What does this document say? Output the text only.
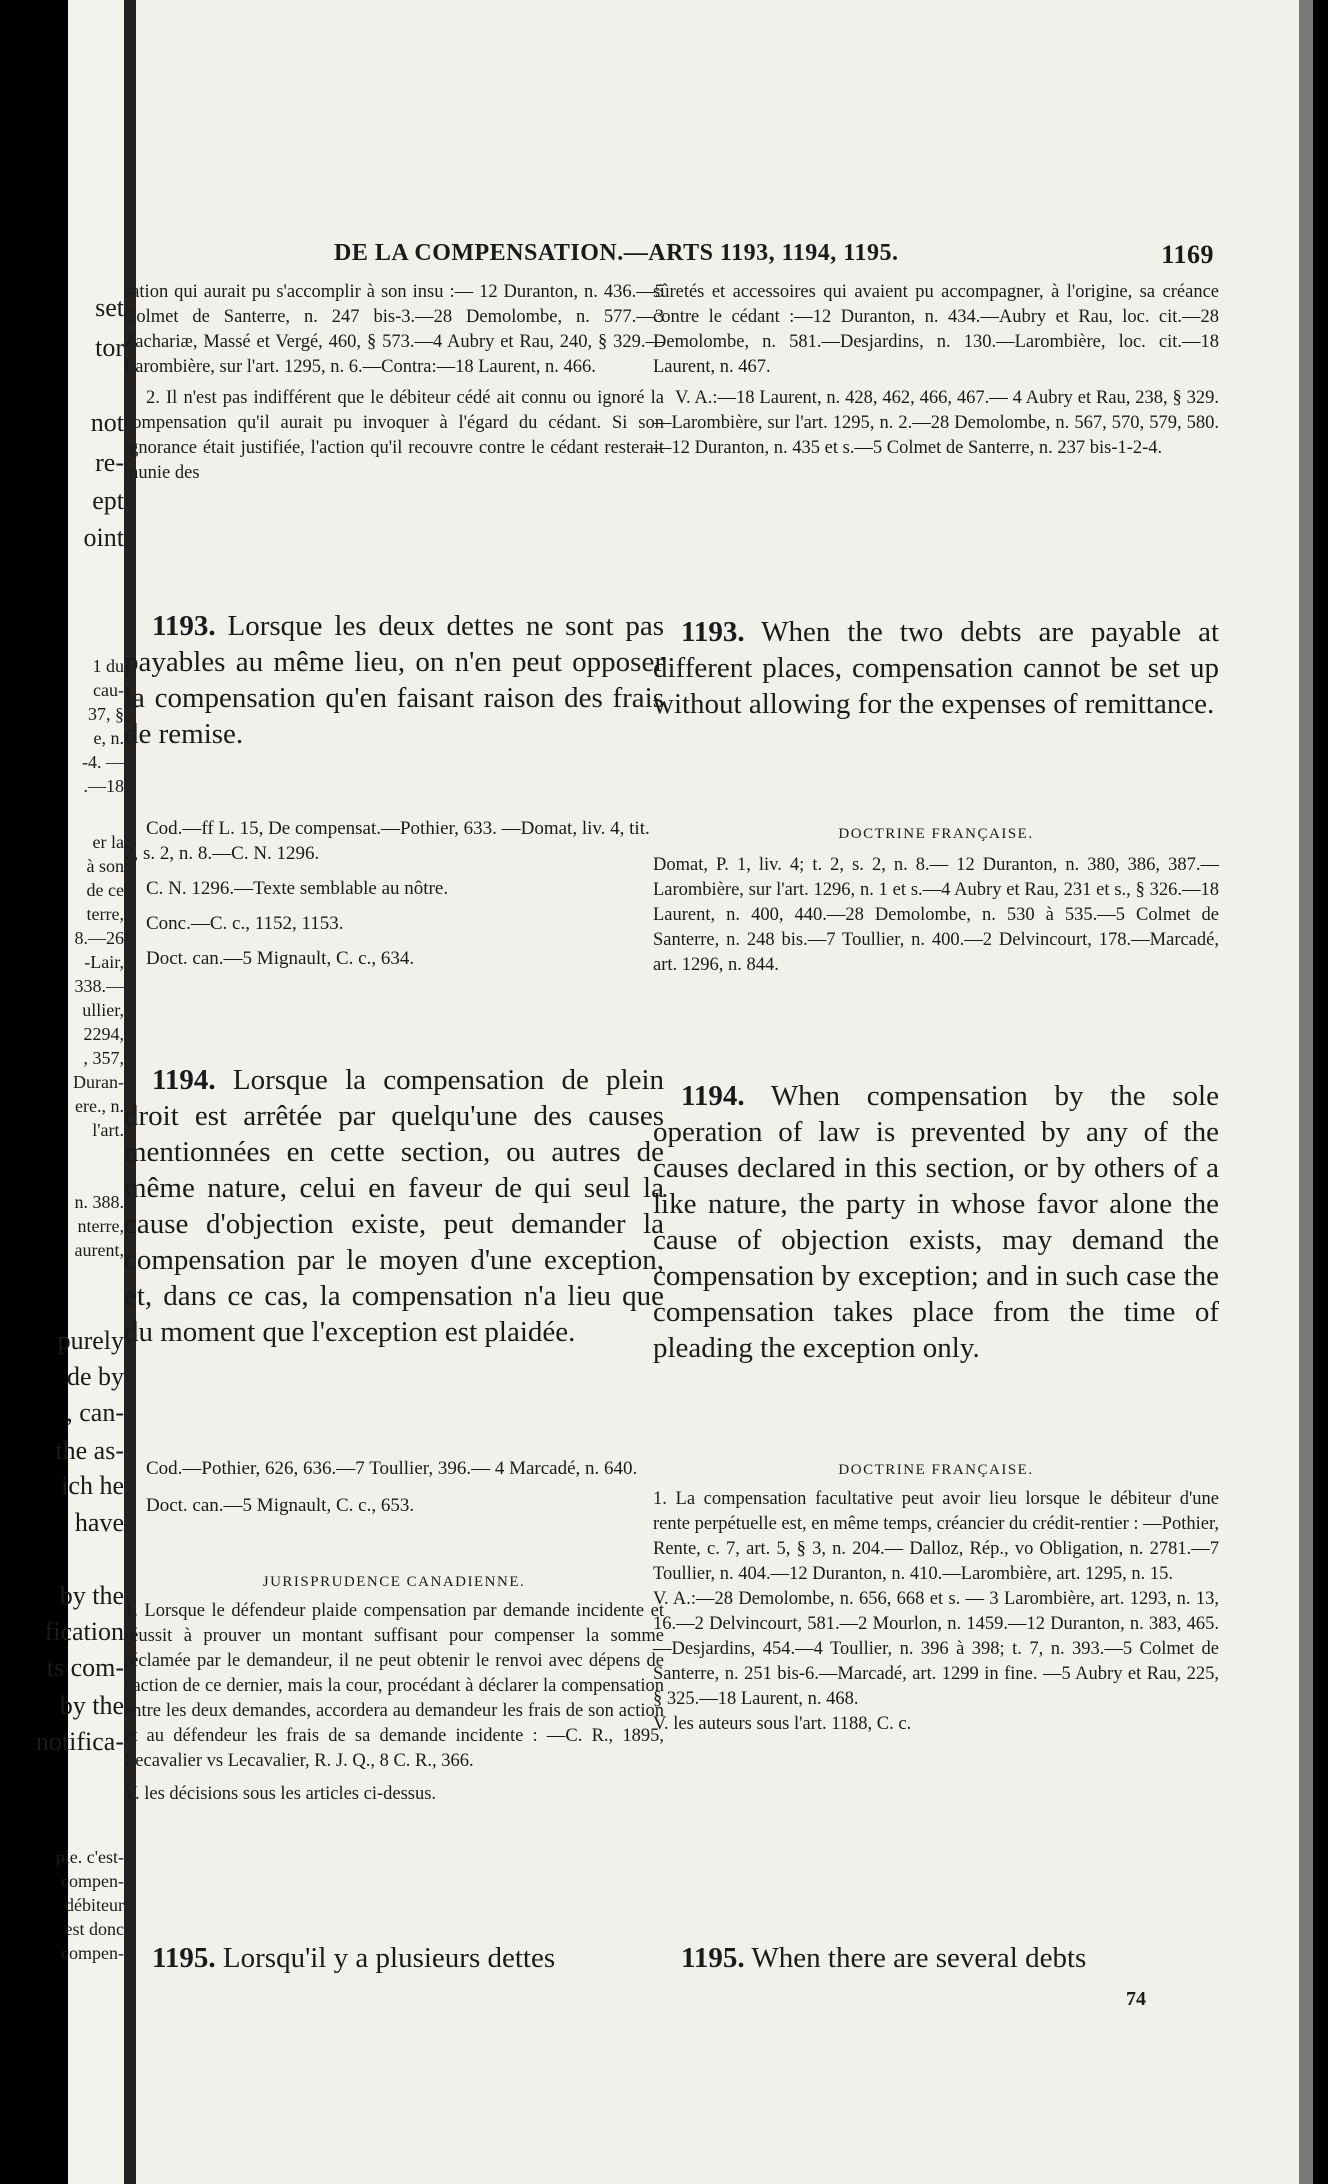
set
tor
not
re-
ept
oint
1 du
cau-
37, §
e, n.
-4. —
.—18
er la
à son
de ce
terre,
8.—26
-Lair,
338.—
ullier,
2294,
, 357,
Duran-
ere., n.
l'art.
n. 388.
nterre,
aurent,
purely
de by
, can-
the as-
ich he
have
by the
fication
ts com-
by the
notifica-
ple. c'est-
compen-
débiteur
est donc
compen-
DE LA COMPENSATION.—ARTS 1193, 1194, 1195.	1169

sation qui aurait pu s'accomplir à son insu :— 12 Duranton, n. 436.—5 Colmet de Santerre, n. 247 bis-3.—28 Demolombe, n. 577.—3 Zachariæ, Massé et Vergé, 460, § 573.—4 Aubry et Rau, 240, § 329.—Larombière, sur l'art. 1295, n. 6.—Contra:—18 Laurent, n. 466.

2. Il n'est pas indifférent que le débiteur cédé ait connu ou ignoré la compensation qu'il aurait pu invoquer à l'égard du cédant. Si son ignorance était justifiée, l'action qu'il recouvre contre le cédant resterait munie des

1193. Lorsque les deux dettes ne sont pas payables au même lieu, on n'en peut opposer la compensation qu'en faisant raison des frais de remise.

Cod.—ff L. 15, De compensat.—Pothier, 633. —Domat, liv. 4, tit. 2, s. 2, n. 8.—C. N. 1296.

C. N. 1296.—Texte semblable au nôtre.

Conc.—C. c., 1152, 1153.

Doct. can.—5 Mignault, C. c., 634.

1194. Lorsque la compensation de plein droit est arrêtée par quelqu'une des causes mentionnées en cette section, ou autres de même nature, celui en faveur de qui seul la cause d'objection existe, peut demander la compensation par le moyen d'une exception, et, dans ce cas, la compensation n'a lieu que du moment que l'exception est plaidée.

Cod.—Pothier, 626, 636.—7 Toullier, 396.— 4 Marcadé, n. 640.

Doct. can.—5 Mignault, C. c., 653.

JURISPRUDENCE CANADIENNE.

1. Lorsque le défendeur plaide compensation par demande incidente et réussit à prouver un montant suffisant pour compenser la somme réclamée par le demandeur, il ne peut obtenir le renvoi avec dépens de l'action de ce dernier, mais la cour, procédant à déclarer la compensation entre les deux demandes, accordera au demandeur les frais de son action et au défendeur les frais de sa demande incidente : —C. R., 1895, Lecavalier vs Lecavalier, R. J. Q., 8 C. R., 366.

V. les décisions sous les articles ci-dessus.

1195. Lorsqu'il y a plusieurs dettes

sûretés et accessoires qui avaient pu accompagner, à l'origine, sa créance contre le cédant :—12 Duranton, n. 434.—Aubry et Rau, loc. cit.—28 Demolombe, n. 581.—Desjardins, n. 130.—Larombière, loc. cit.—18 Laurent, n. 467.

V. A.:—18 Laurent, n. 428, 462, 466, 467.— 4 Aubry et Rau, 238, § 329.—Larombière, sur l'art. 1295, n. 2.—28 Demolombe, n. 567, 570, 579, 580.—12 Duranton, n. 435 et s.—5 Colmet de Santerre, n. 237 bis-1-2-4.

1193. When the two debts are payable at different places, compensation cannot be set up without allowing for the expenses of remittance.

DOCTRINE FRANÇAISE.

Domat, P. 1, liv. 4; t. 2, s. 2, n. 8.— 12 Duranton, n. 380, 386, 387.—Larombière, sur l'art. 1296, n. 1 et s.—4 Aubry et Rau, 231 et s., § 326.—18 Laurent, n. 400, 440.—28 Demolombe, n. 530 à 535.—5 Colmet de Santerre, n. 248 bis.—7 Toullier, n. 400.—2 Delvincourt, 178.—Marcadé, art. 1296, n. 844.

1194. When compensation by the sole operation of law is prevented by any of the causes declared in this section, or by others of a like nature, the party in whose favor alone the cause of objection exists, may demand the compensation by exception; and in such case the compensation takes place from the time of pleading the exception only.

DOCTRINE FRANÇAISE.

1. La compensation facultative peut avoir lieu lorsque le débiteur d'une rente perpétuelle est, en même temps, créancier du crédit-rentier : —Pothier, Rente, c. 7, art. 5, § 3, n. 204.— Dalloz, Rép., vo Obligation, n. 2781.—7 Toullier, n. 404.—12 Duranton, n. 410.—Larombière, art. 1295, n. 15.

V. A.:—28 Demolombe, n. 656, 668 et s. — 3 Larombière, art. 1293, n. 13, 16.—2 Delvincourt, 581.—2 Mourlon, n. 1459.—12 Duranton, n. 383, 465.—Desjardins, 454.—4 Toullier, n. 396 à 398; t. 7, n. 393.—5 Colmet de Santerre, n. 251 bis-6.—Marcadé, art. 1299 in fine. —5 Aubry et Rau, 225, § 325.—18 Laurent, n. 468.

V. les auteurs sous l'art. 1188, C. c.

1195. When there are several debts

74
